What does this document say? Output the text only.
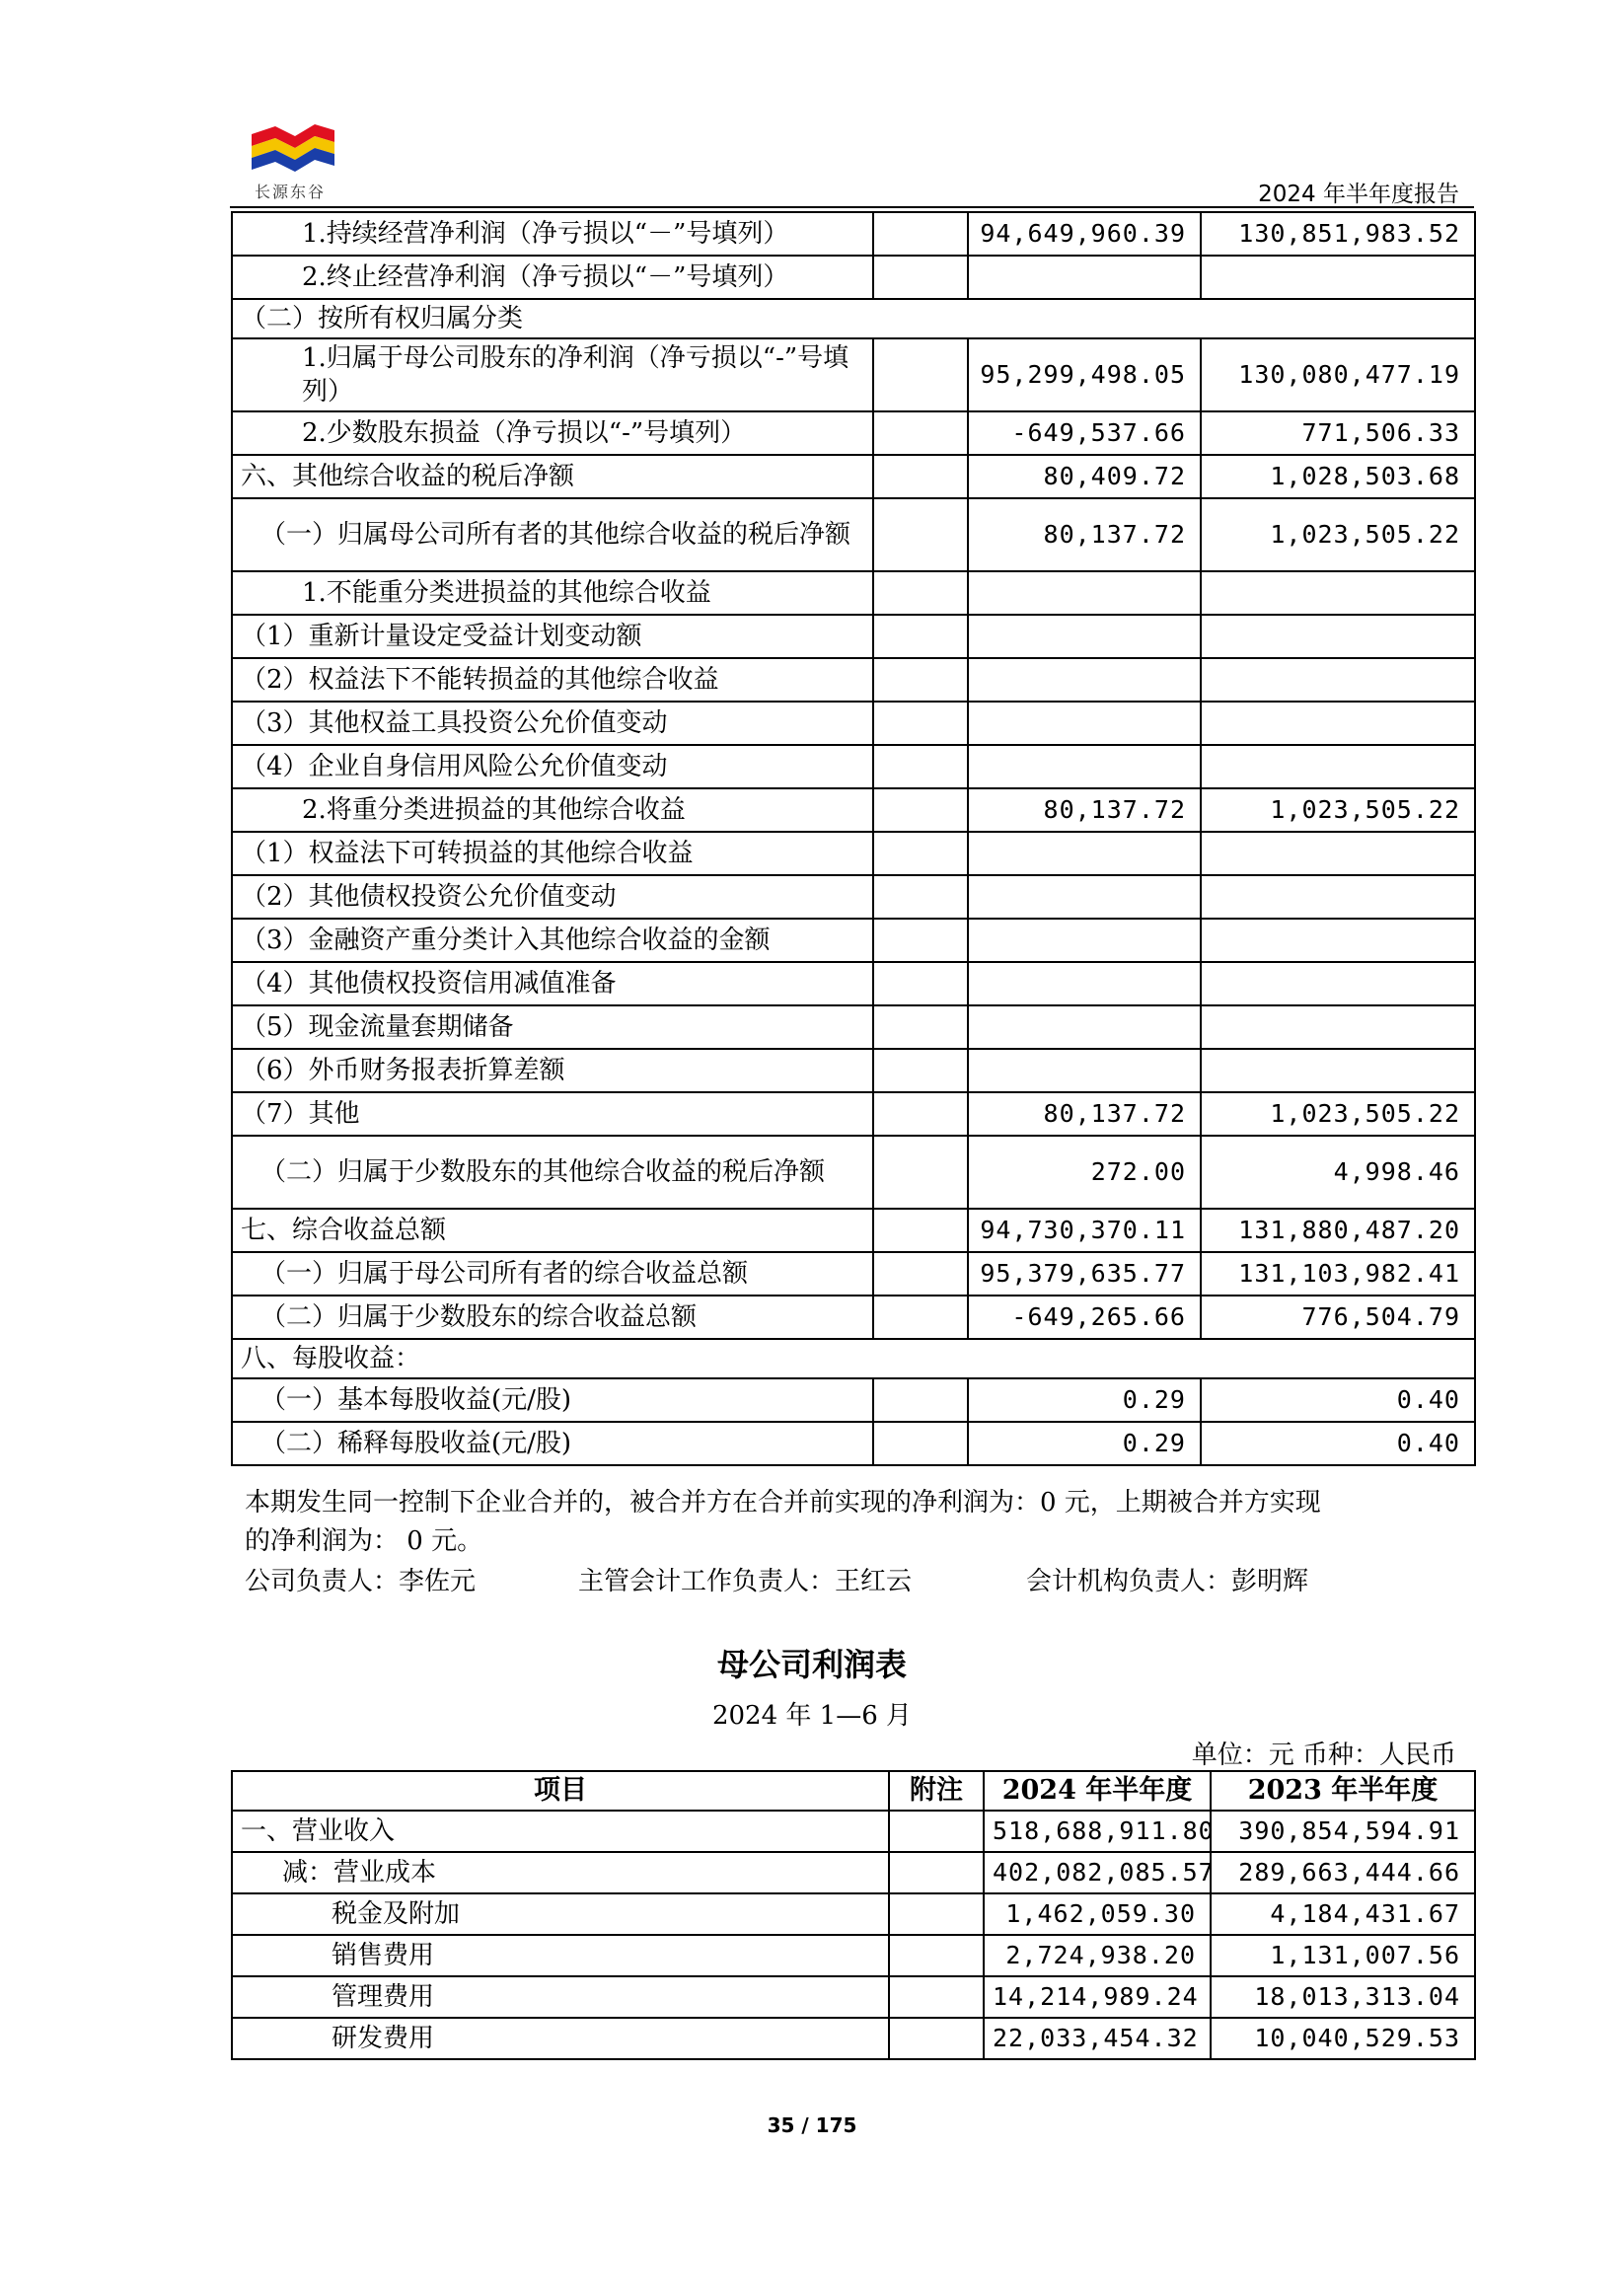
长源东谷	2024 年半年度报告
1.持续经营净利润（净亏损以“－”号填列）		94,649,960.39	130,851,983.52
2.终止经营净利润（净亏损以“－”号填列）			
（二）按所有权归属分类			
1.归属于母公司股东的净利润（净亏损以“-”号填列）		95,299,498.05	130,080,477.19
2.少数股东损益（净亏损以“-”号填列）		-649,537.66	771,506.33
六、其他综合收益的税后净额		80,409.72	1,028,503.68
（一）归属母公司所有者的其他综合收益的税后净额		80,137.72	1,023,505.22
1.不能重分类进损益的其他综合收益			
（1）重新计量设定受益计划变动额			
（2）权益法下不能转损益的其他综合收益			
（3）其他权益工具投资公允价值变动			
（4）企业自身信用风险公允价值变动			
2.将重分类进损益的其他综合收益		80,137.72	1,023,505.22
（1）权益法下可转损益的其他综合收益			
（2）其他债权投资公允价值变动			
（3）金融资产重分类计入其他综合收益的金额			
（4）其他债权投资信用减值准备			
（5）现金流量套期储备			
（6）外币财务报表折算差额			
（7）其他		80,137.72	1,023,505.22
（二）归属于少数股东的其他综合收益的税后净额		272.00	4,998.46
七、综合收益总额		94,730,370.11	131,880,487.20
（一）归属于母公司所有者的综合收益总额		95,379,635.77	131,103,982.41
（二）归属于少数股东的综合收益总额		-649,265.66	776,504.79
八、每股收益：			
（一）基本每股收益(元/股)		0.29	0.40
（二）稀释每股收益(元/股)		0.29	0.40
本期发生同一控制下企业合并的，被合并方在合并前实现的净利润为：0 元，上期被合并方实现
的净利润为： 0 元。
公司负责人：李佐元	主管会计工作负责人：王红云	会计机构负责人：彭明辉
母公司利润表
2024 年 1—6 月
单位：元 币种：人民币
项目	附注	2024 年半年度	2023 年半年度
一、营业收入		518,688,911.80	390,854,594.91
减：营业成本		402,082,085.57	289,663,444.66
税金及附加		1,462,059.30	4,184,431.67
销售费用		2,724,938.20	1,131,007.56
管理费用		14,214,989.24	18,013,313.04
研发费用		22,033,454.32	10,040,529.53
35 / 175
